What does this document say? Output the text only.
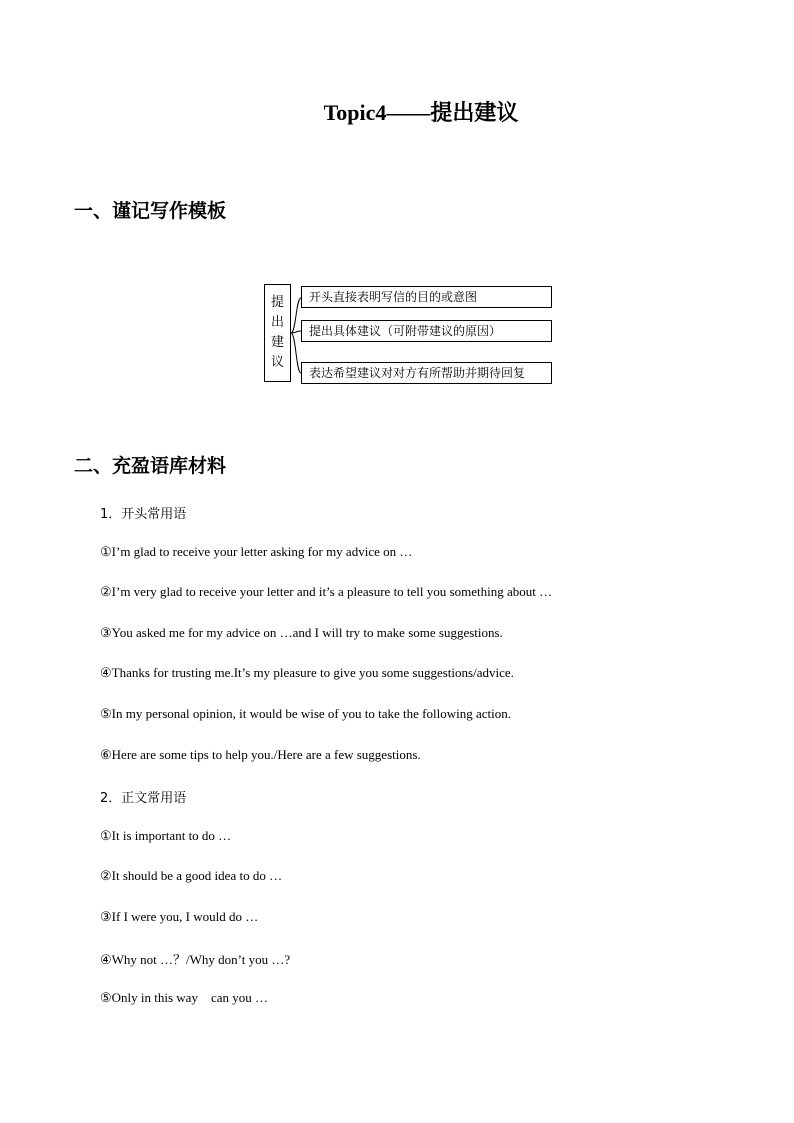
Topic4——提出建议
一、谨记写作模板
提
出
建
议
开头直接表明写信的目的或意图
提出具体建议（可附带建议的原因）
表达希望建议对对方有所帮助并期待回复
二、充盈语库材料
1．开头常用语
①I’m glad to receive your letter asking for my advice on …
②I’m very glad to receive your letter and it’s a pleasure to tell you something about …
③You asked me for my advice on …and I will try to make some suggestions.
④Thanks for trusting me.It’s my pleasure to give you some suggestions/advice.
⑤In my personal opinion, it would be wise of you to take the following action.
⑥Here are some tips to help you./Here are a few suggestions.
2．正文常用语
①It is important to do …
②It should be a good idea to do …
③If I were you, I would do …
④Why not …？/Why don’t you …?
⑤Only in this way    can you …
